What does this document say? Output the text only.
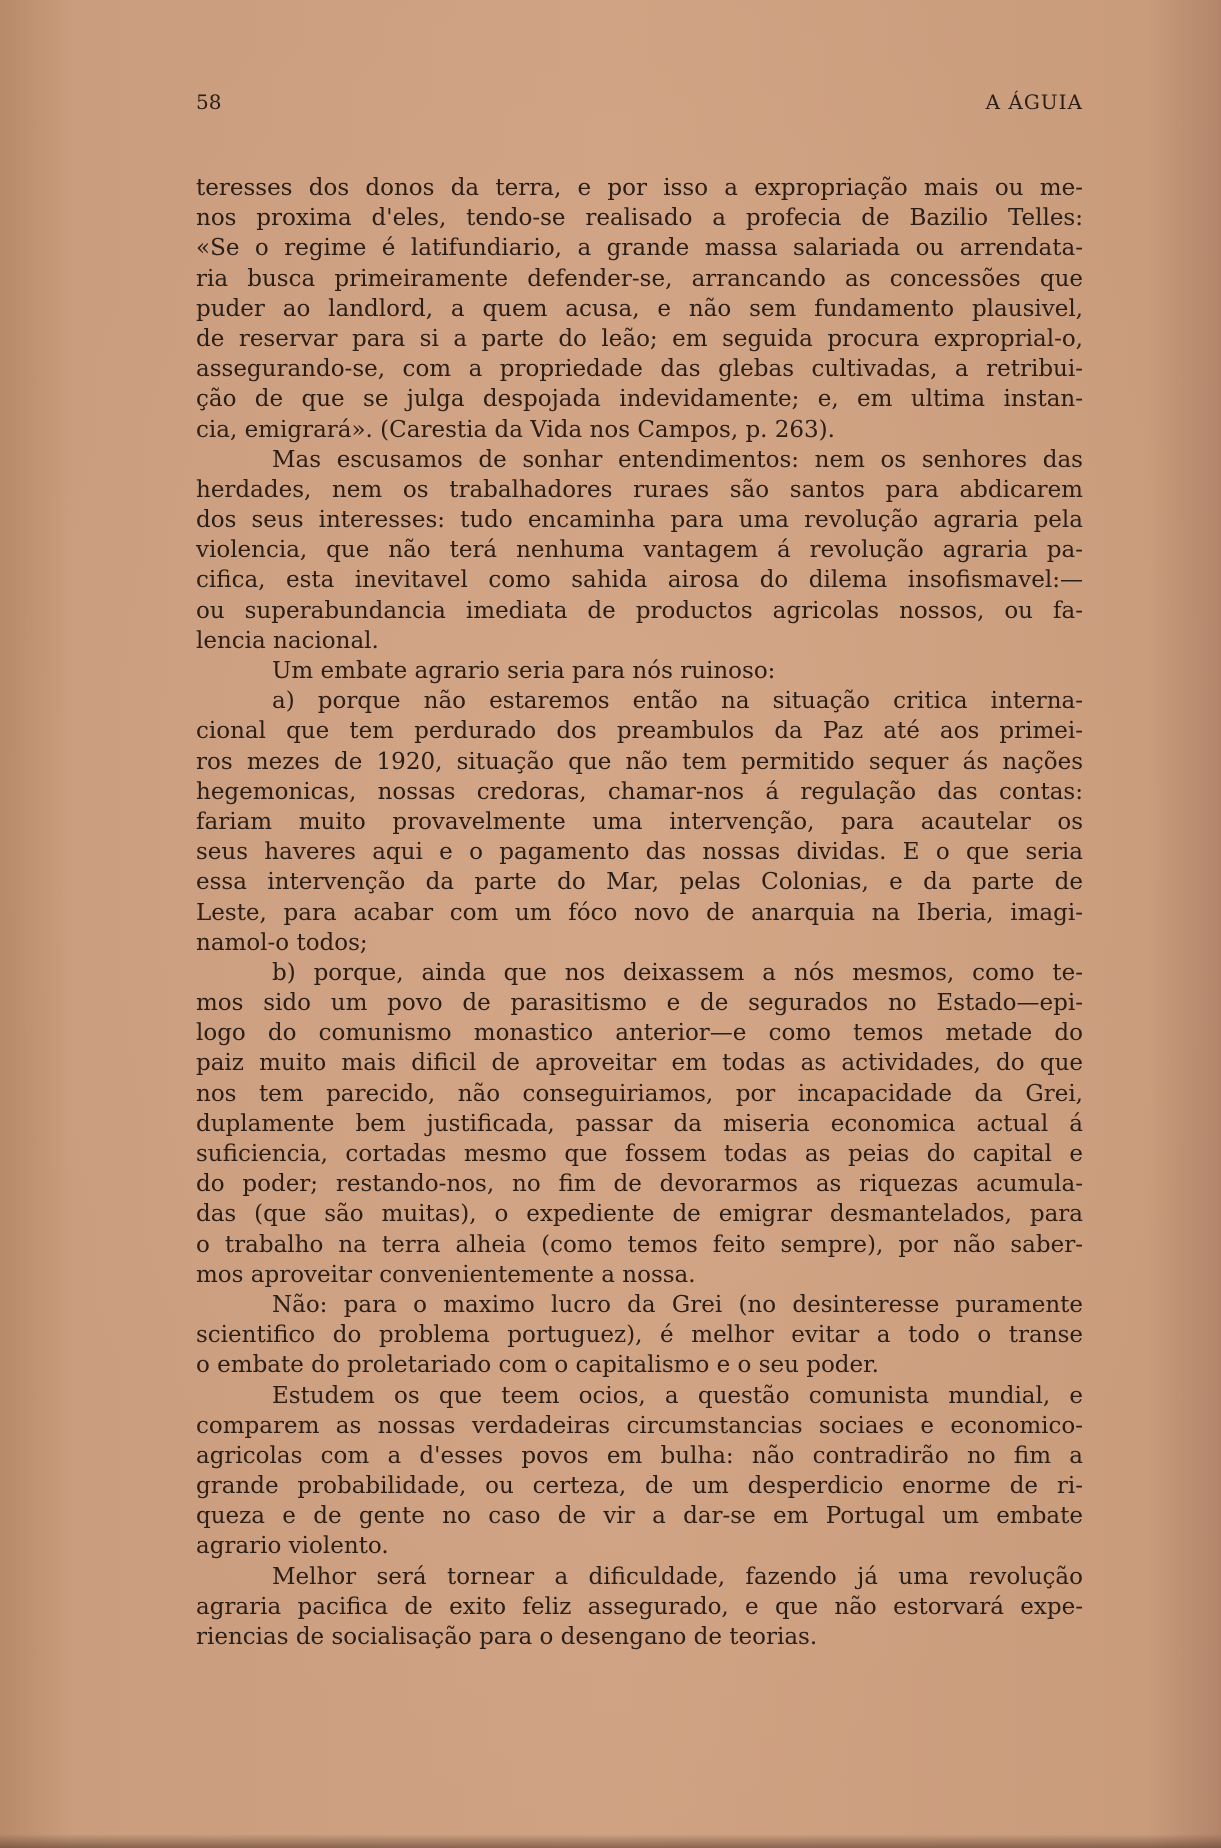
58	A ÁGUIA
teresses dos donos da terra, e por isso a expropriação mais ou me-
nos proxima d'eles, tendo-se realisado a profecia de Bazilio Telles:
«Se o regime é latifundiario, a grande massa salariada ou arrendata-
ria busca primeiramente defender-se, arrancando as concessões que
puder ao landlord, a quem acusa, e não sem fundamento plausivel,
de reservar para si a parte do leão; em seguida procura exproprial-o,
assegurando-se, com a propriedade das glebas cultivadas, a retribui-
ção de que se julga despojada indevidamente; e, em ultima instan-
cia, emigrará». (Carestia da Vida nos Campos, p. 263).
Mas escusamos de sonhar entendimentos: nem os senhores das
herdades, nem os trabalhadores ruraes são santos para abdicarem
dos seus interesses: tudo encaminha para uma revolução agraria pela
violencia, que não terá nenhuma vantagem á revolução agraria pa-
cifica, esta inevitavel como sahida airosa do dilema insofismavel:—
ou superabundancia imediata de productos agricolas nossos, ou fa-
lencia nacional.
Um embate agrario seria para nós ruinoso:
a) porque não estaremos então na situação critica interna-
cional que tem perdurado dos preambulos da Paz até aos primei-
ros mezes de 1920, situação que não tem permitido sequer ás nações
hegemonicas, nossas credoras, chamar-nos á regulação das contas:
fariam muito provavelmente uma intervenção, para acautelar os
seus haveres aqui e o pagamento das nossas dividas. E o que seria
essa intervenção da parte do Mar, pelas Colonias, e da parte de
Leste, para acabar com um fóco novo de anarquia na Iberia, imagi-
namol-o todos;
b) porque, ainda que nos deixassem a nós mesmos, como te-
mos sido um povo de parasitismo e de segurados no Estado—epi-
logo do comunismo monastico anterior—e como temos metade do
paiz muito mais dificil de aproveitar em todas as actividades, do que
nos tem parecido, não conseguiriamos, por incapacidade da Grei,
duplamente bem justificada, passar da miseria economica actual á
suficiencia, cortadas mesmo que fossem todas as peias do capital e
do poder; restando-nos, no fim de devorarmos as riquezas acumula-
das (que são muitas), o expediente de emigrar desmantelados, para
o trabalho na terra alheia (como temos feito sempre), por não saber-
mos aproveitar convenientemente a nossa.
Não: para o maximo lucro da Grei (no desinteresse puramente
scientifico do problema portuguez), é melhor evitar a todo o transe
o embate do proletariado com o capitalismo e o seu poder.
Estudem os que teem ocios, a questão comunista mundial, e
comparem as nossas verdadeiras circumstancias sociaes e economico-
agricolas com a d'esses povos em bulha: não contradirão no fim a
grande probabilidade, ou certeza, de um desperdicio enorme de ri-
queza e de gente no caso de vir a dar-se em Portugal um embate
agrario violento.
Melhor será tornear a dificuldade, fazendo já uma revolução
agraria pacifica de exito feliz assegurado, e que não estorvará expe-
riencias de socialisação para o desengano de teorias.
